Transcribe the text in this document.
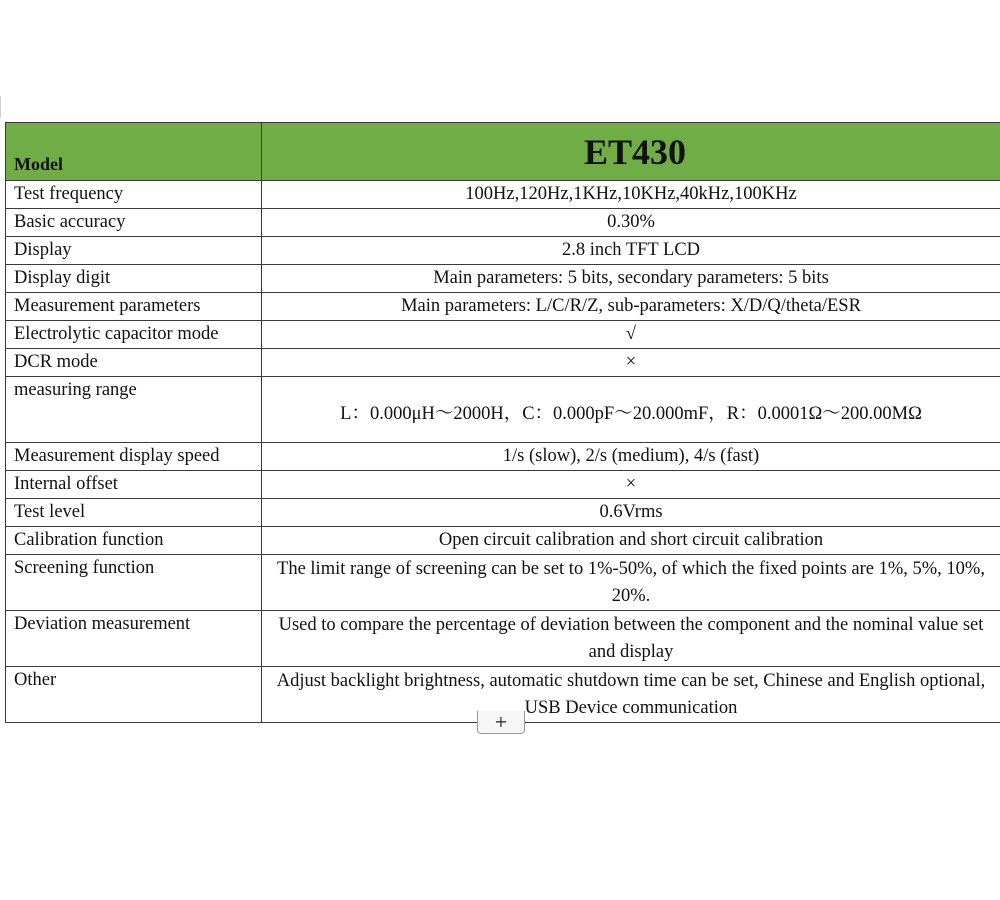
Model	ET430
Test frequency	100Hz,120Hz,1KHz,10KHz,40kHz,100KHz
Basic accuracy	0.30%
Display	2.8 inch TFT LCD
Display digit	Main parameters: 5 bits, secondary parameters: 5 bits
Measurement parameters	Main parameters: L/C/R/Z, sub-parameters: X/D/Q/theta/ESR
Electrolytic capacitor mode	√
DCR mode	×
measuring range	L：0.000μH～2000H，C：0.000pF～20.000mF，R：0.0001Ω～200.00MΩ
Measurement display speed	1/s (slow), 2/s (medium), 4/s (fast)
Internal offset	×
Test level	0.6Vrms
Calibration function	Open circuit calibration and short circuit calibration
Screening function	The limit range of screening can be set to 1%-50%, of which the fixed points are 1%, 5%, 10%, 20%.
Deviation measurement	Used to compare the percentage of deviation between the component and the nominal value set and display
Other	Adjust backlight brightness, automatic shutdown time can be set, Chinese and English optional, USB Device communication
+
